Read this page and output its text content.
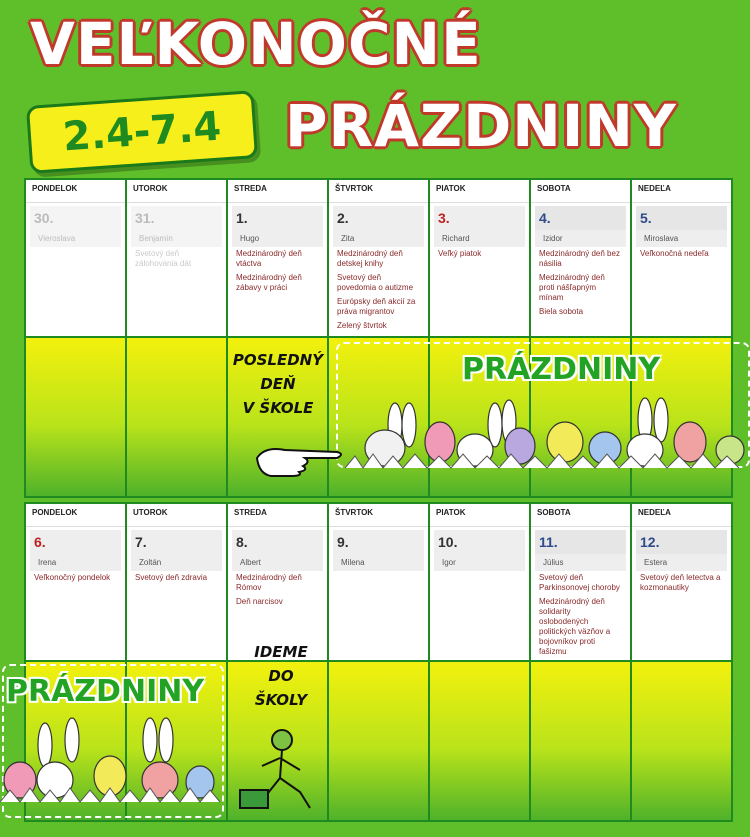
VEĽKONOČNÉ
2.4-7.4 PRÁZDNINY
PONDELOK
30.
Vieroslava
UTOROK
31.
Benjamín
Svetový deň zálohovania dát
STREDA
1.
Hugo
Medzinárodný deň vtáctva
Medzinárodný deň zábavy v práci
ŠTVRTOK
2.
Zita
Medzinárodný deň detskej knihy
Svetový deň povedomia o autizme
Európsky deň akcií za práva migrantov
Zelený štvrtok
PIATOK
3.
Richard
Veľký piatok
SOBOTA
4.
Izidor
Medzinárodný deň bez násilia
Medzinárodný deň proti nášľapným mínam
Biela sobota
NEDEĽA
5.
Miroslava
Veľkonočná nedeľa
PRÁZDNINY
POSLEDNÝ
DEŇ
V ŠKOLE
PONDELOK
6.
Irena
Veľkonočný pondelok
UTOROK
7.
Zoltán
Svetový deň zdravia
STREDA
8.
Albert
Medzinárodný deň Rómov
Deň narcisov
ŠTVRTOK
9.
Milena
PIATOK
10.
Igor
SOBOTA
11.
Július
Svetový deň Parkinsonovej choroby
Medzinárodný deň solidarity oslobodených politických väzňov a bojovníkov proti fašizmu
NEDEĽA
12.
Estera
Svetový deň letectva a kozmonautiky
PRÁZDNINY
IDEME
DO
ŠKOLY
